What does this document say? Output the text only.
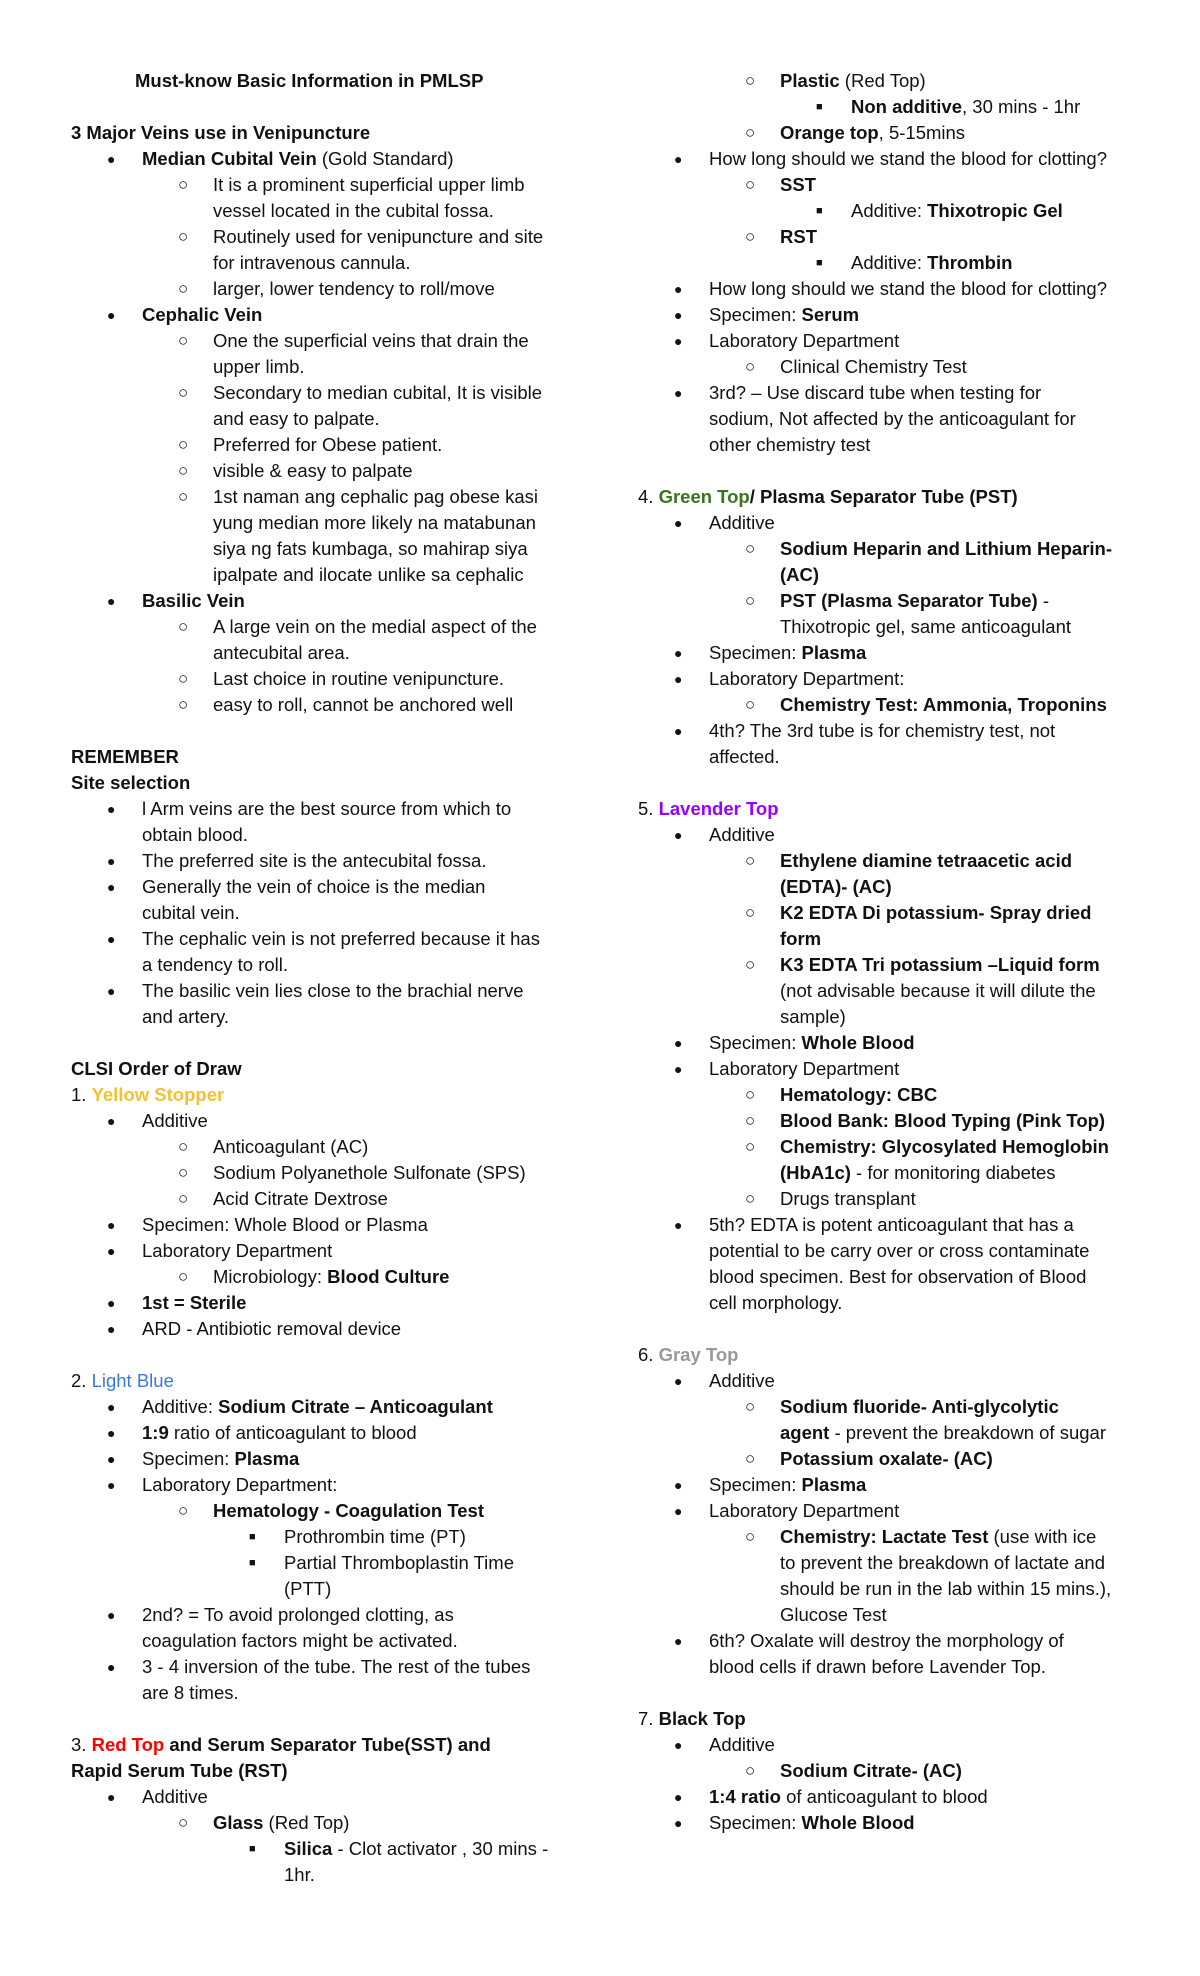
Must-know Basic Information in PMLSP
3 Major Veins use in Venipuncture
● Median Cubital Vein (Gold Standard)
○ It is a prominent superficial upper limb
vessel located in the cubital fossa.
○ Routinely used for venipuncture and site
for intravenous cannula.
○ larger, lower tendency to roll/move
● Cephalic Vein
○ One the superficial veins that drain the
upper limb.
○ Secondary to median cubital, It is visible
and easy to palpate.
○ Preferred for Obese patient.
○ visible & easy to palpate
○ 1st naman ang cephalic pag obese kasi
yung median more likely na matabunan
siya ng fats kumbaga, so mahirap siya
ipalpate and ilocate unlike sa cephalic
● Basilic Vein
○ A large vein on the medial aspect of the
antecubital area.
○ Last choice in routine venipuncture.
○ easy to roll, cannot be anchored well
REMEMBER
Site selection
● l Arm veins are the best source from which to
obtain blood.
● The preferred site is the antecubital fossa.
● Generally the vein of choice is the median
cubital vein.
● The cephalic vein is not preferred because it has
a tendency to roll.
● The basilic vein lies close to the brachial nerve
and artery.
CLSI Order of Draw
1. Yellow Stopper
● Additive
○ Anticoagulant (AC)
○ Sodium Polyanethole Sulfonate (SPS)
○ Acid Citrate Dextrose
● Specimen: Whole Blood or Plasma
● Laboratory Department
○ Microbiology: Blood Culture
● 1st = Sterile
● ARD - Antibiotic removal device
2. Light Blue
● Additive: Sodium Citrate – Anticoagulant
● 1:9 ratio of anticoagulant to blood
● Specimen: Plasma
● Laboratory Department:
○ Hematology - Coagulation Test
■ Prothrombin time (PT)
■ Partial Thromboplastin Time
(PTT)
● 2nd? = To avoid prolonged clotting, as
coagulation factors might be activated.
● 3 - 4 inversion of the tube. The rest of the tubes
are 8 times.
3. Red Top and Serum Separator Tube(SST) and
Rapid Serum Tube (RST)
● Additive
○ Glass (Red Top)
■ Silica - Clot activator , 30 mins -
1hr.
○ Plastic (Red Top)
■ Non additive, 30 mins - 1hr
○ Orange top, 5-15mins
● How long should we stand the blood for clotting?
○ SST
■ Additive: Thixotropic Gel
○ RST
■ Additive: Thrombin
● How long should we stand the blood for clotting?
● Specimen: Serum
● Laboratory Department
○ Clinical Chemistry Test
● 3rd? – Use discard tube when testing for
sodium, Not affected by the anticoagulant for
other chemistry test
4. Green Top/ Plasma Separator Tube (PST)
● Additive
○ Sodium Heparin and Lithium Heparin-
(AC)
○ PST (Plasma Separator Tube) -
Thixotropic gel, same anticoagulant
● Specimen: Plasma
● Laboratory Department:
○ Chemistry Test: Ammonia, Troponins
● 4th? The 3rd tube is for chemistry test, not
affected.
5. Lavender Top
● Additive
○ Ethylene diamine tetraacetic acid
(EDTA)- (AC)
○ K2 EDTA Di potassium- Spray dried
form
○ K3 EDTA Tri potassium –Liquid form
(not advisable because it will dilute the
sample)
● Specimen: Whole Blood
● Laboratory Department
○ Hematology: CBC
○ Blood Bank: Blood Typing (Pink Top)
○ Chemistry: Glycosylated Hemoglobin
(HbA1c) - for monitoring diabetes
○ Drugs transplant
● 5th? EDTA is potent anticoagulant that has a
potential to be carry over or cross contaminate
blood specimen. Best for observation of Blood
cell morphology.
6. Gray Top
● Additive
○ Sodium fluoride- Anti-glycolytic
agent - prevent the breakdown of sugar
○ Potassium oxalate- (AC)
● Specimen: Plasma
● Laboratory Department
○ Chemistry: Lactate Test (use with ice
to prevent the breakdown of lactate and
should be run in the lab within 15 mins.),
Glucose Test
● 6th? Oxalate will destroy the morphology of
blood cells if drawn before Lavender Top.
7. Black Top
● Additive
○ Sodium Citrate- (AC)
● 1:4 ratio of anticoagulant to blood
● Specimen: Whole Blood
